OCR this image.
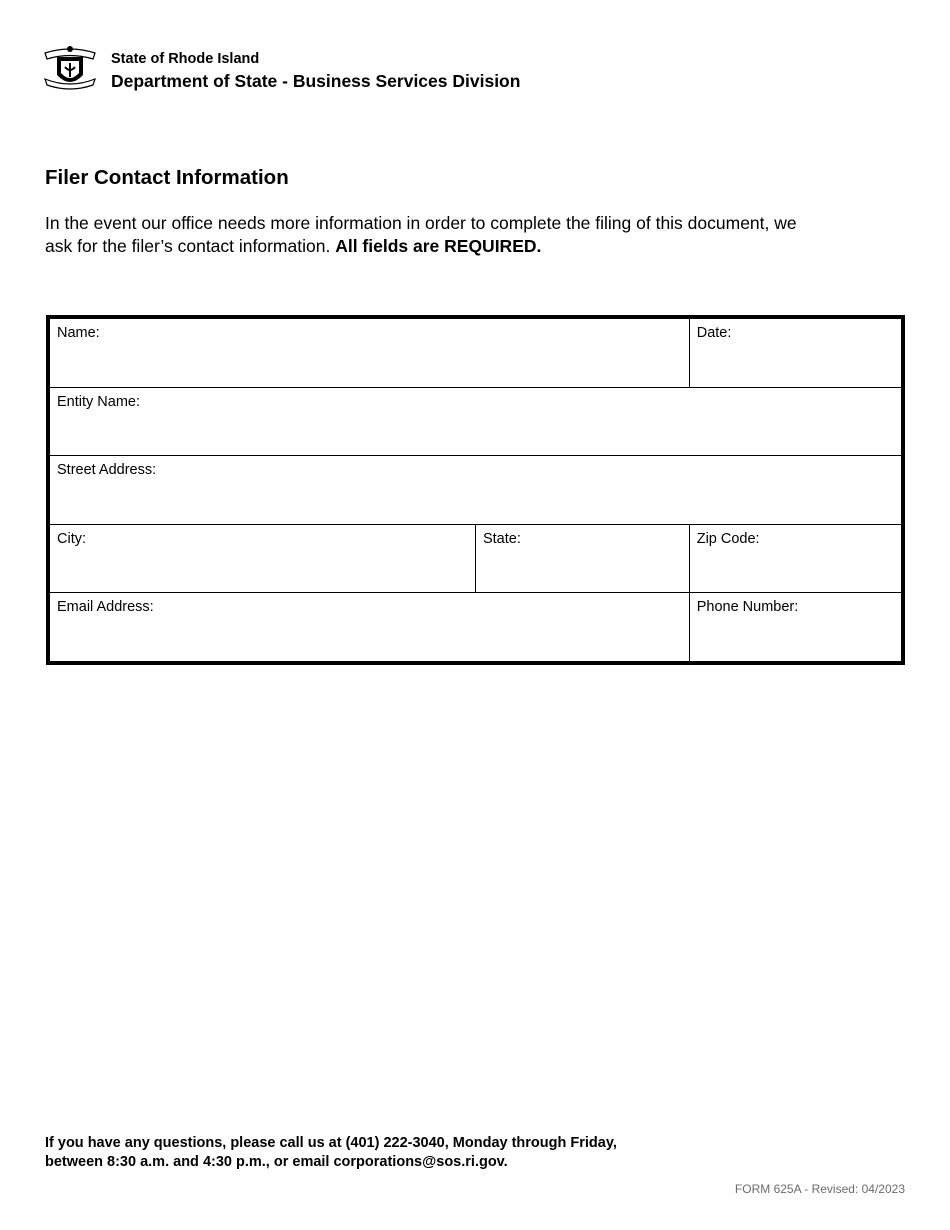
State of Rhode Island
Department of State - Business Services Division
Filer Contact Information
In the event our office needs more information in order to complete the filing of this document, we ask for the filer’s contact information. All fields are REQUIRED.
Name:		Date:
Entity Name:		
Street Address:		
City:	State:	Zip Code:
Email Address:		Phone Number:
If you have any questions, please call us at (401) 222-3040, Monday through Friday,
between 8:30 a.m. and 4:30 p.m., or email corporations@sos.ri.gov.
FORM 625A - Revised: 04/2023
